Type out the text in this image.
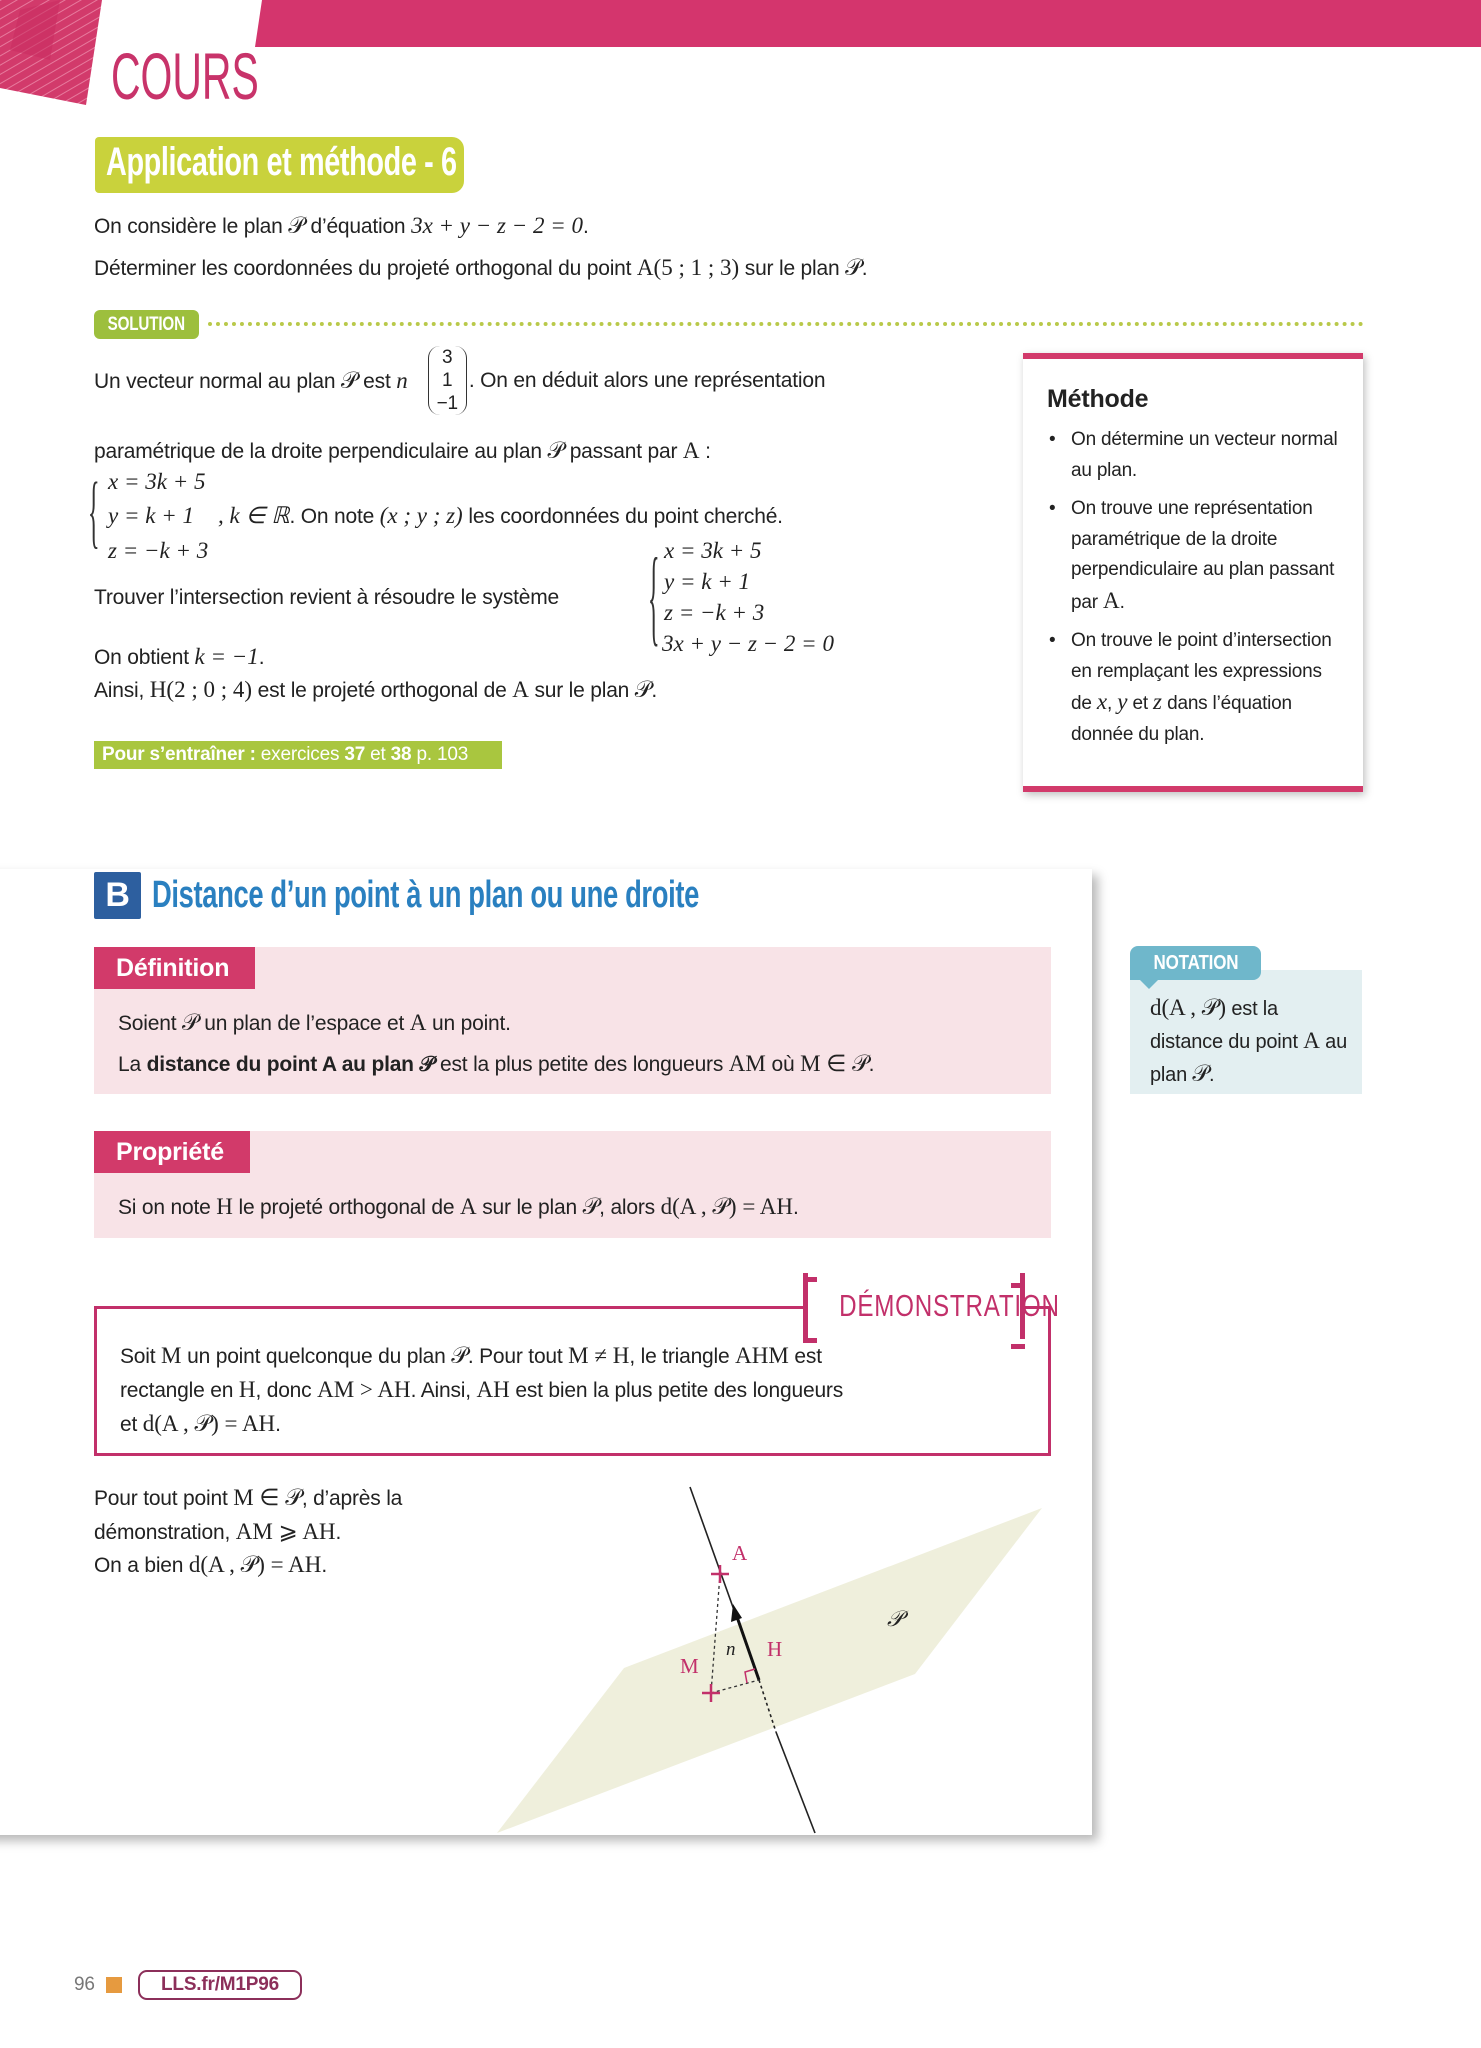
COURS
Application et méthode - 6
On considère le plan 𝒫 d’équation 3x + y − z − 2 = 0.
Déterminer les coordonnées du projeté orthogonal du point A(5 ; 1 ; 3) sur le plan 𝒫.
SOLUTION
Un vecteur normal au plan 𝒫 est n⃗
3
1
−1
. On en déduit alors une représentation
paramétrique de la droite perpendiculaire au plan 𝒫 passant par A :
{ x = 3k + 5
y = k + 1
z = −k + 3
, k ∈ ℝ. On note (x ; y ; z) les coordonnées du point cherché.
Trouver l’intersection revient à résoudre le système { x = 3k + 5
y = k + 1
z = −k + 3
3x + y − z − 2 = 0
On obtient k = −1.
Ainsi, H(2 ; 0 ; 4) est le projeté orthogonal de A sur le plan 𝒫.
Pour s’entraîner : exercices 37 et 38 p. 103
Méthode
• On détermine un vecteur normal au plan.
• On trouve une représentation paramétrique de la droite perpendiculaire au plan passant par A.
• On trouve le point d’intersection en remplaçant les expressions de x, y et z dans l’équation donnée du plan.
B Distance d’un point à un plan ou une droite
Définition
Soient 𝒫 un plan de l’espace et A un point.
La distance du point A au plan 𝒫 est la plus petite des longueurs AM où M ∈ 𝒫.
Propriété
Si on note H le projeté orthogonal de A sur le plan 𝒫, alors d(A , 𝒫) = AH.
DÉMONSTRATION
Soit M un point quelconque du plan 𝒫. Pour tout M ≠ H, le triangle AHM est
rectangle en H, donc AM > AH. Ainsi, AH est bien la plus petite des longueurs
et d(A , 𝒫) = AH.
Pour tout point M ∈ 𝒫, d’après la
démonstration, AM ⩾ AH.
On a bien d(A , 𝒫) = AH.
A
H
M
n⃗
𝒫
NOTATION
d(A , 𝒫) est la distance du point A au plan 𝒫.
96	LLS.fr/M1P96
